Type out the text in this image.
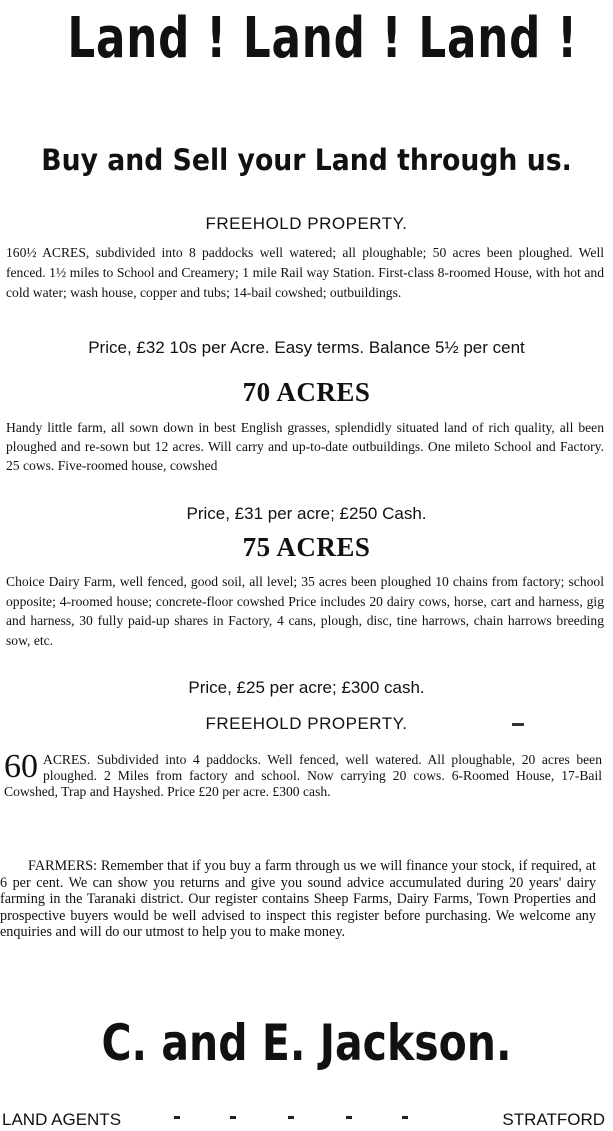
Land ! Land ! Land !
Buy and Sell your Land through us.
FREEHOLD PROPERTY.
160½ ACRES, subdivided into 8 paddocks well watered; all ploughable; 50 acres been ploughed. Well fenced. 1½ miles to School and Creamery; 1 mile Rail way Station. First-class 8-roomed House, with hot and cold water; wash house, copper and tubs; 14-bail cowshed; outbuildings.
Price, £32 10s per Acre. Easy terms. Balance 5½ per cent
70 ACRES
Handy little farm, all sown down in best English grasses, splendidly situated land of rich quality, all been ploughed and re-sown but 12 acres. Will carry and up-to-date outbuildings. One mileto School and Factory. 25 cows. Five-roomed house, cowshed
Price, £31 per acre; £250 Cash.
75 ACRES
Choice Dairy Farm, well fenced, good soil, all level; 35 acres been ploughed 10 chains from factory; school opposite; 4-roomed house; concrete-floor cowshed Price includes 20 dairy cows, horse, cart and harness, gig and harness, 30 fully paid-up shares in Factory, 4 cans, plough, disc, tine harrows, chain harrows breeding sow, etc.
Price, £25 per acre; £300 cash.
FREEHOLD PROPERTY.
60 ACRES. Subdivided into 4 paddocks. Well fenced, well watered. All ploughable, 20 acres been ploughed. 2 Miles from factory and school. Now carrying 20 cows. 6-Roomed House, 17-Bail Cowshed, Trap and Hayshed. Price £20 per acre. £300 cash.
FARMERS: Remember that if you buy a farm through us we will finance your stock, if required, at 6 per cent. We can show you returns and give you sound advice accumulated during 20 years' dairy farming in the Taranaki district. Our register contains Sheep Farms, Dairy Farms, Town Properties and prospective buyers would be well advised to inspect this register before purchasing. We welcome any enquiries and will do our utmost to help you to make money.
C. and E. Jackson.
LAND AGENTS	STRATFORD
